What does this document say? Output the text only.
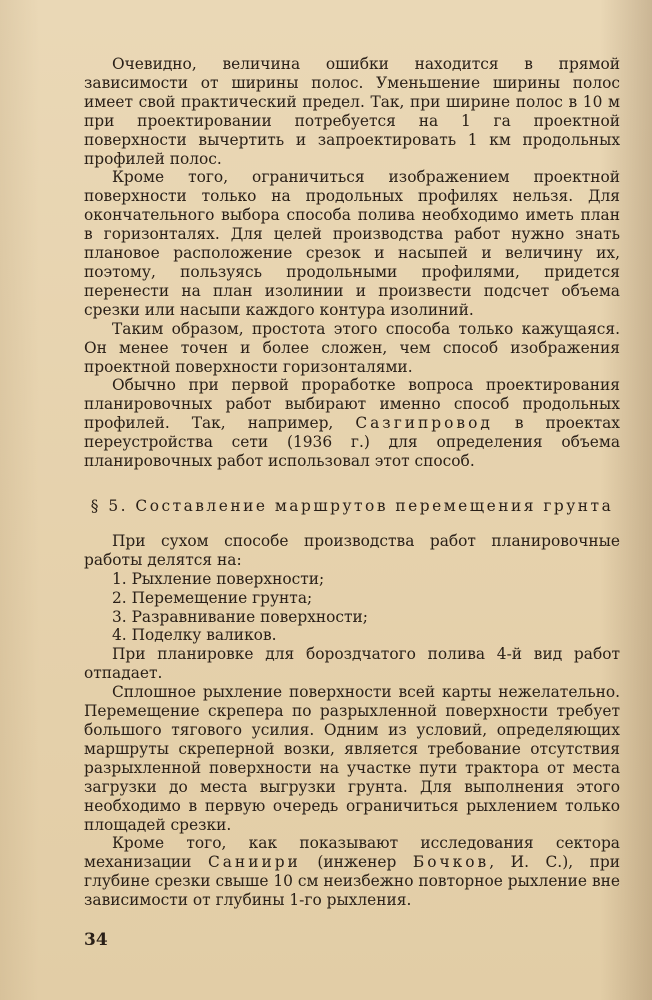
Очевидно, величина ошибки находится в прямой зависимости от ширины полос. Уменьшение ширины полос имеет свой практический предел. Так, при ширине полос в 10 м при проектировании потребуется на 1 га проектной поверхности вычертить и запроектировать 1 км продольных профилей полос.

Кроме того, ограничиться изображением проектной поверхности только на продольных профилях нельзя. Для окончательного выбора способа полива необходимо иметь план в горизонталях. Для целей производства работ нужно знать плановое расположение срезок и насыпей и величину их, поэтому, пользуясь продольными профилями, придется перенести на план изолинии и произвести подсчет объема срезки или насыпи каждого контура изолиний.

Таким образом, простота этого способа только кажущаяся. Он менее точен и более сложен, чем способ изображения проектной поверхности горизонталями.

Обычно при первой проработке вопроса проектирования планировочных работ выбирают именно способ продольных профилей. Так, например, Сазгипровод в проектах переустройства сети (1936 г.) для определения объема планировочных работ использовал этот способ.

§ 5. Составление маршрутов перемещения грунта

При сухом способе производства работ планировочные работы делятся на:

1. Рыхление поверхности;
2. Перемещение грунта;
3. Разравнивание поверхности;
4. Поделку валиков.

При планировке для бороздчатого полива 4-й вид работ отпадает.

Сплошное рыхление поверхности всей карты нежелательно. Перемещение скрепера по разрыхленной поверхности требует большого тягового усилия. Одним из условий, определяющих маршруты скреперной возки, является требование отсутствия разрыхленной поверхности на участке пути трактора от места загрузки до места выгрузки грунта. Для выполнения этого необходимо в первую очередь ограничиться рыхлением только площадей срезки.

Кроме того, как показывают исследования сектора механизации Саниири (инженер Бочков, И. С.), при глубине срезки свыше 10 см неизбежно повторное рыхление вне зависимости от глубины 1-го рыхления.

34
